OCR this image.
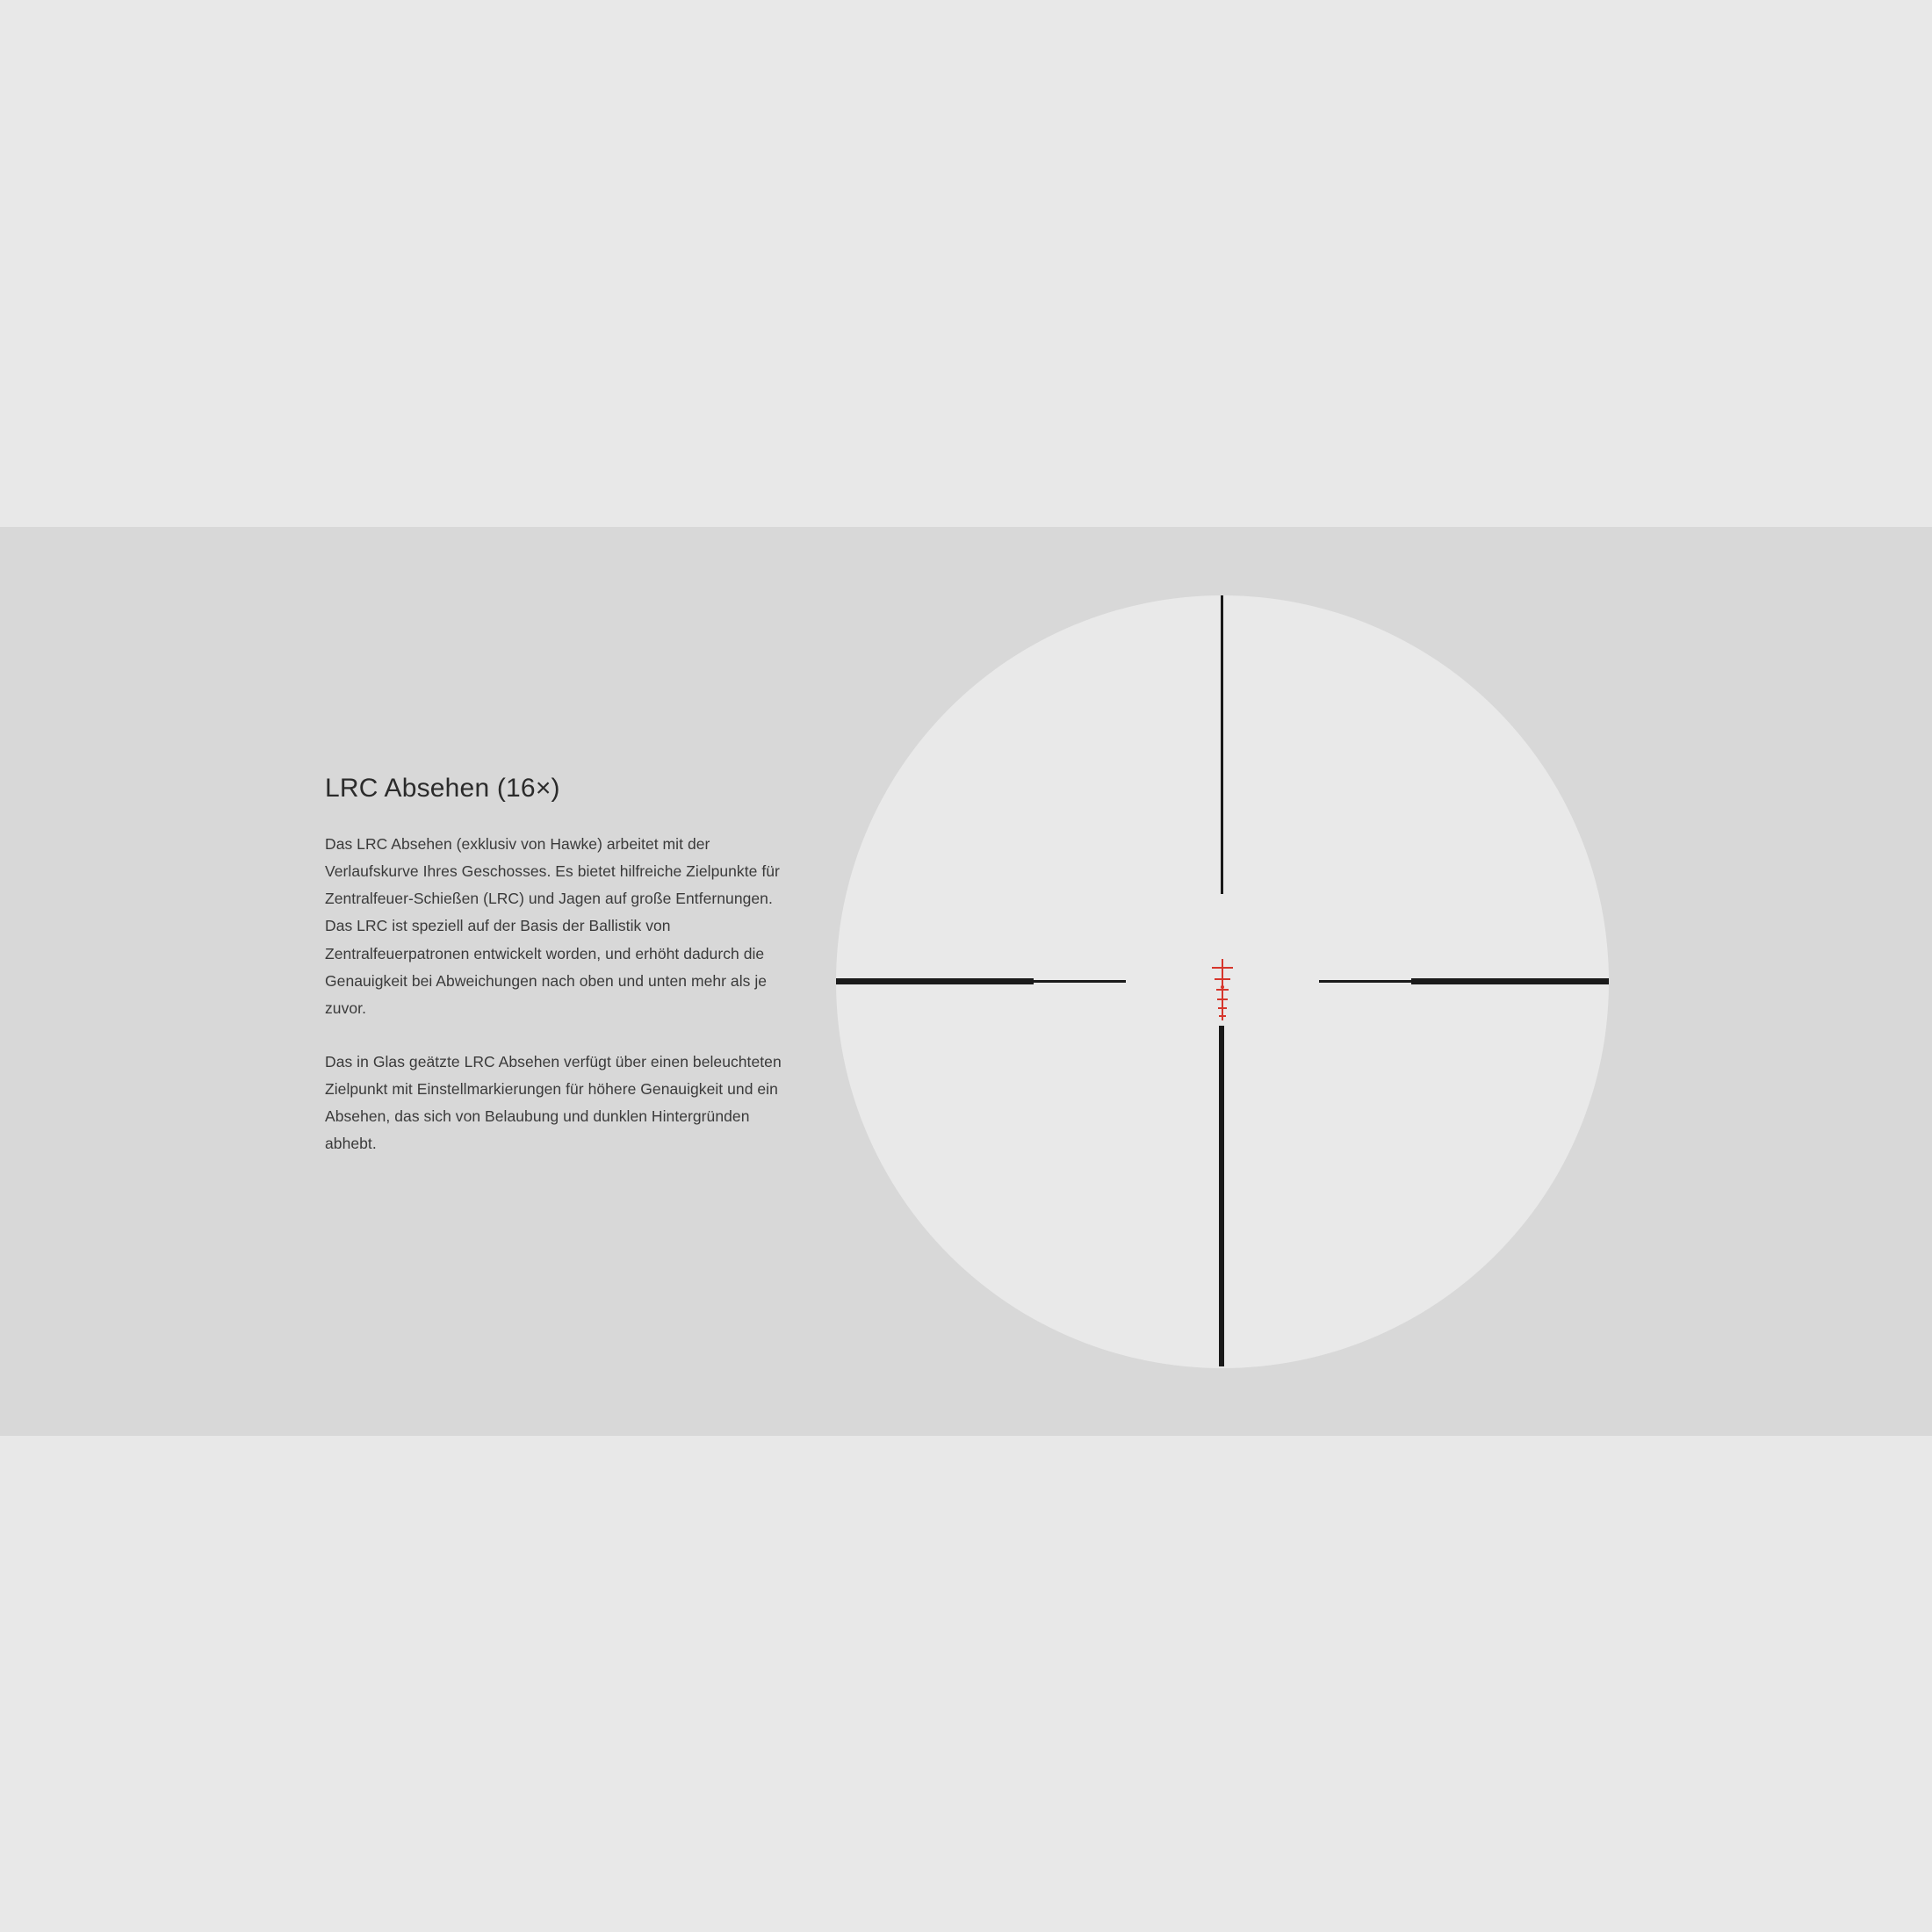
LRC Absehen (16×)

Das LRC Absehen (exklusiv von Hawke) arbeitet mit der Verlaufskurve Ihres Geschosses. Es bietet hilfreiche Zielpunkte für Zentralfeuer-Schießen (LRC) und Jagen auf große Entfernungen. Das LRC ist speziell auf der Basis der Ballistik von Zentralfeuerpatronen entwickelt worden, und erhöht dadurch die Genauigkeit bei Abweichungen nach oben und unten mehr als je zuvor.

Das in Glas geätzte LRC Absehen verfügt über einen beleuchteten Zielpunkt mit Einstellmarkierungen für höhere Genauigkeit und ein Absehen, das sich von Belaubung und dunklen Hintergründen abhebt.
